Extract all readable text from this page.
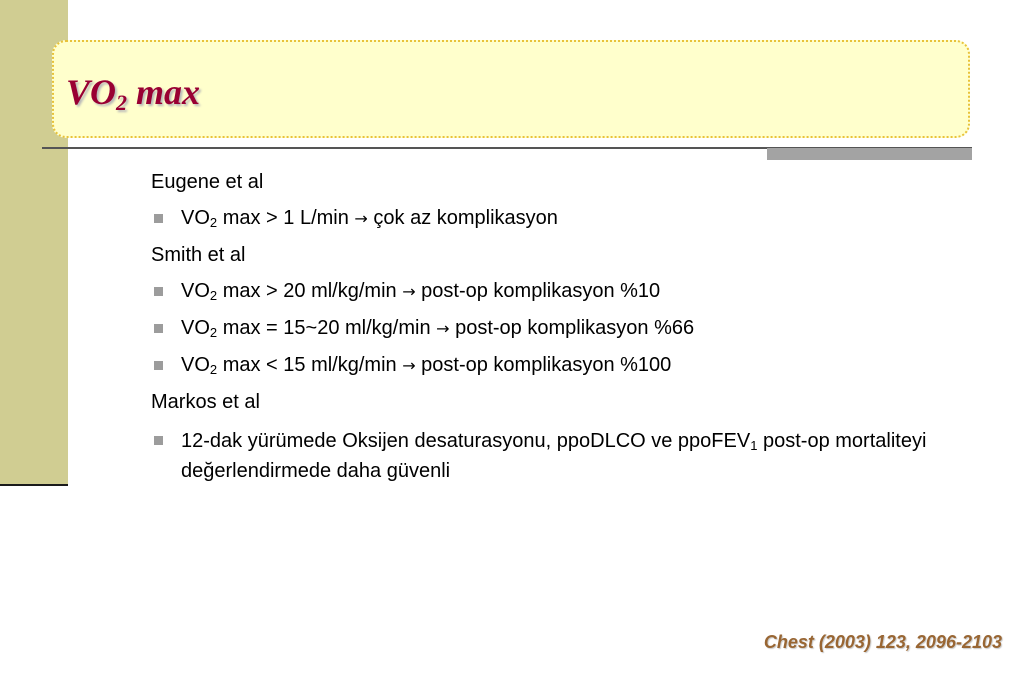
$VO_2$ max
Eugene et al
$VO_2$ max > 1 L/min → çok az komplikasyon
Smith et al
$VO_2$ max > 20 ml/kg/min → post-op komplikasyon %10
$VO_2$ max = 15~20 ml/kg/min → post-op komplikasyon %66
$VO_2$ max < 15 ml/kg/min → post-op komplikasyon %100
Markos et al
12-dak yürümede Oksijen desaturasyonu, ppoDLCO ve ppoFEV$_1$ post-op mortaliteyi değerlendirmede daha güvenli
Chest (2003) 123, 2096-2103
